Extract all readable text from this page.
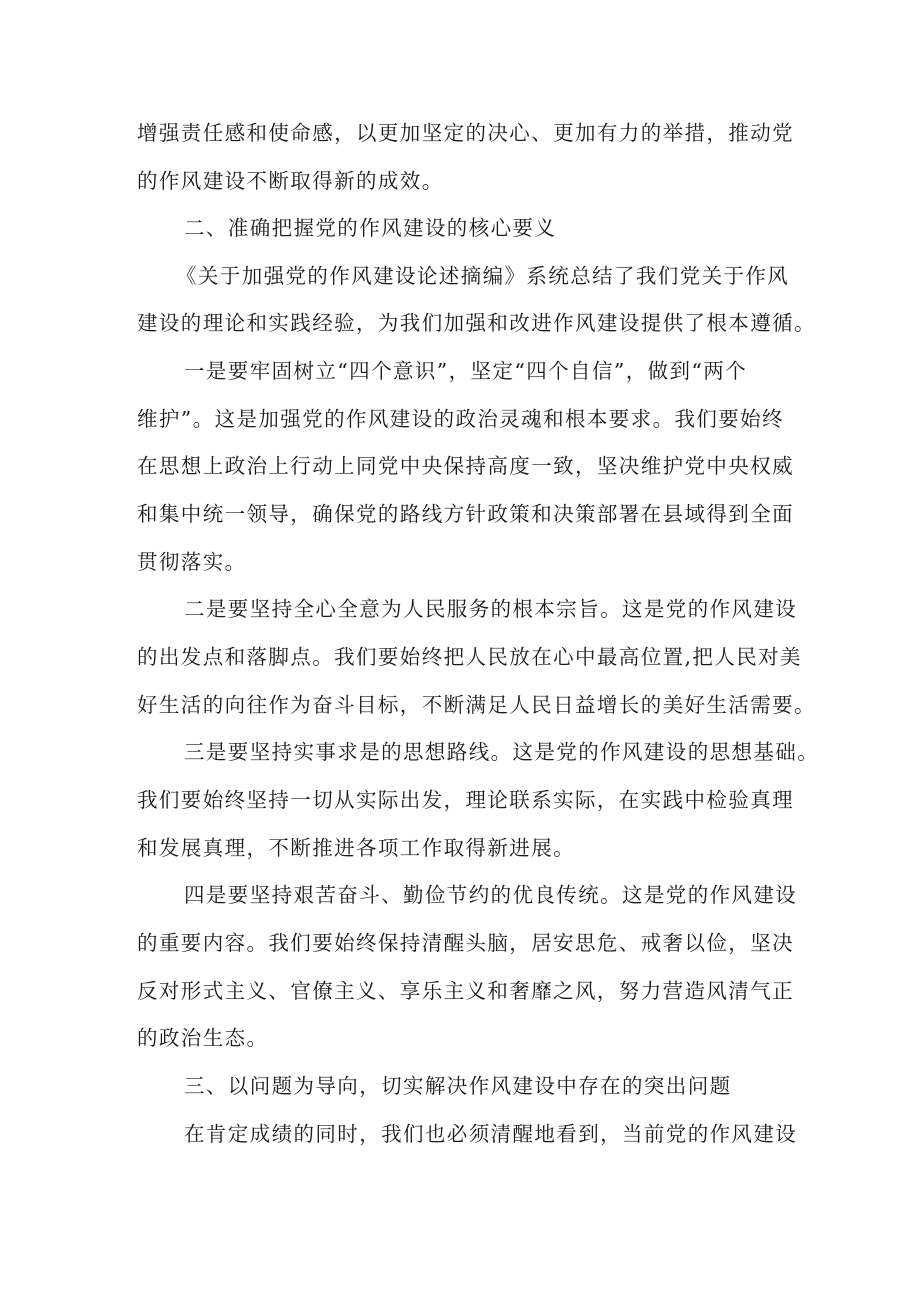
增强责任感和使命感，以更加坚定的决心、更加有力的举措，推动党
的作风建设不断取得新的成效。
二、准确把握党的作风建设的核心要义
《关于加强党的作风建设论述摘编》系统总结了我们党关于作风
建设的理论和实践经验，为我们加强和改进作风建设提供了根本遵循。
一是要牢固树立“四个意识”，坚定“四个自信”，做到“两个
维护”。这是加强党的作风建设的政治灵魂和根本要求。我们要始终
在思想上政治上行动上同党中央保持高度一致，坚决维护党中央权威
和集中统一领导，确保党的路线方针政策和决策部署在县域得到全面
贯彻落实。
二是要坚持全心全意为人民服务的根本宗旨。这是党的作风建设
的出发点和落脚点。我们要始终把人民放在心中最高位置,把人民对美
好生活的向往作为奋斗目标，不断满足人民日益增长的美好生活需要。
三是要坚持实事求是的思想路线。这是党的作风建设的思想基础。
我们要始终坚持一切从实际出发，理论联系实际，在实践中检验真理
和发展真理，不断推进各项工作取得新进展。
四是要坚持艰苦奋斗、勤俭节约的优良传统。这是党的作风建设
的重要内容。我们要始终保持清醒头脑，居安思危、戒奢以俭，坚决
反对形式主义、官僚主义、享乐主义和奢靡之风，努力营造风清气正
的政治生态。
三、以问题为导向，切实解决作风建设中存在的突出问题
在肯定成绩的同时，我们也必须清醒地看到，当前党的作风建设
